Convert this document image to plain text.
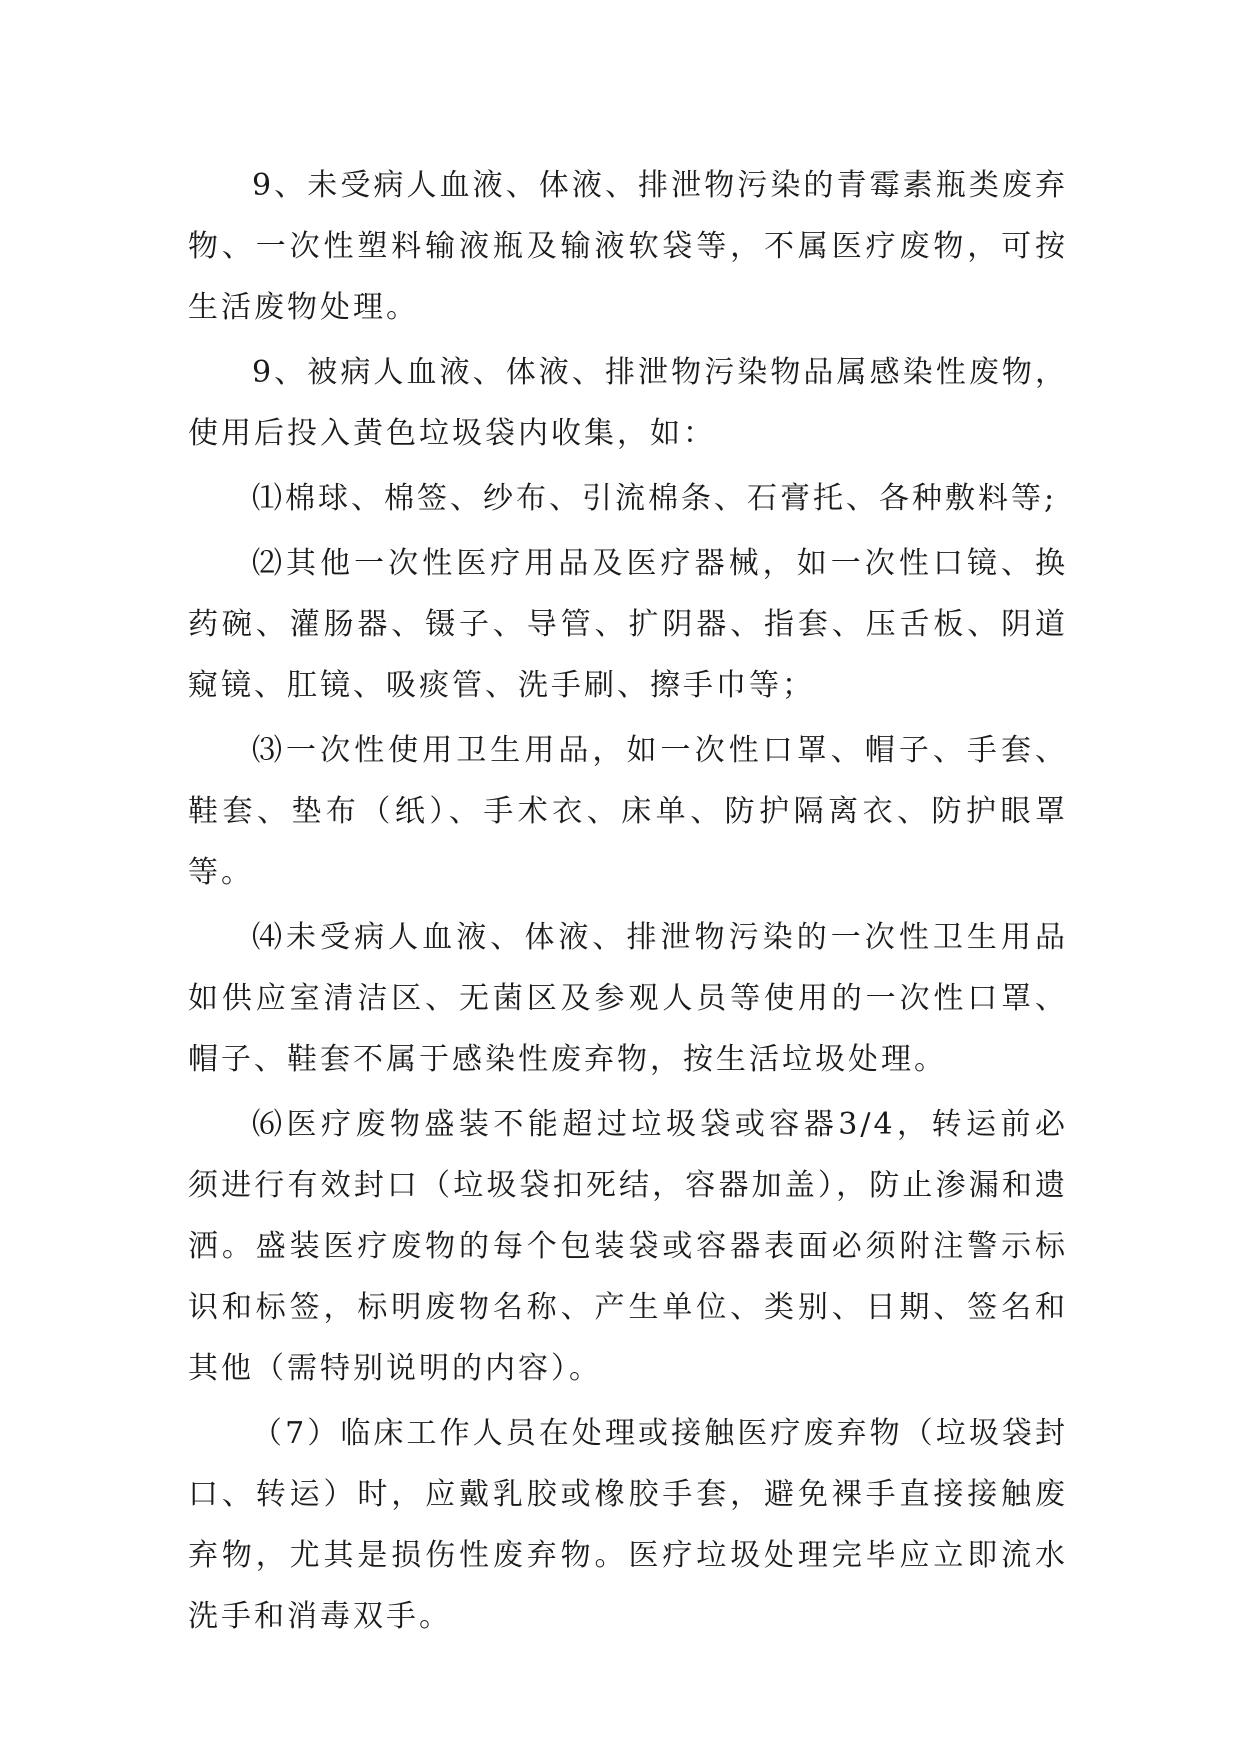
9、未受病人血液、体液、排泄物污染的青霉素瓶类废弃物、一次性塑料输液瓶及输液软袋等，不属医疗废物，可按生活废物处理。

9、被病人血液、体液、排泄物污染物品属感染性废物，使用后投入黄色垃圾袋内收集，如：

⑴棉球、棉签、纱布、引流棉条、石膏托、各种敷料等;

⑵其他一次性医疗用品及医疗器械，如一次性口镜、换药碗、灌肠器、镊子、导管、扩阴器、指套、压舌板、阴道窥镜、肛镜、吸痰管、洗手刷、擦手巾等；

⑶一次性使用卫生用品，如一次性口罩、帽子、手套、鞋套、垫布（纸）、手术衣、床单、防护隔离衣、防护眼罩等。

⑷未受病人血液、体液、排泄物污染的一次性卫生用品如供应室清洁区、无菌区及参观人员等使用的一次性口罩、帽子、鞋套不属于感染性废弃物，按生活垃圾处理。

⑹医疗废物盛装不能超过垃圾袋或容器3/4，转运前必须进行有效封口（垃圾袋扣死结，容器加盖），防止渗漏和遗洒。盛装医疗废物的每个包装袋或容器表面必须附注警示标识和标签，标明废物名称、产生单位、类别、日期、签名和其他（需特别说明的内容）。

（7）临床工作人员在处理或接触医疗废弃物（垃圾袋封口、转运）时，应戴乳胶或橡胶手套，避免裸手直接接触废弃物，尤其是损伤性废弃物。医疗垃圾处理完毕应立即流水洗手和消毒双手。
